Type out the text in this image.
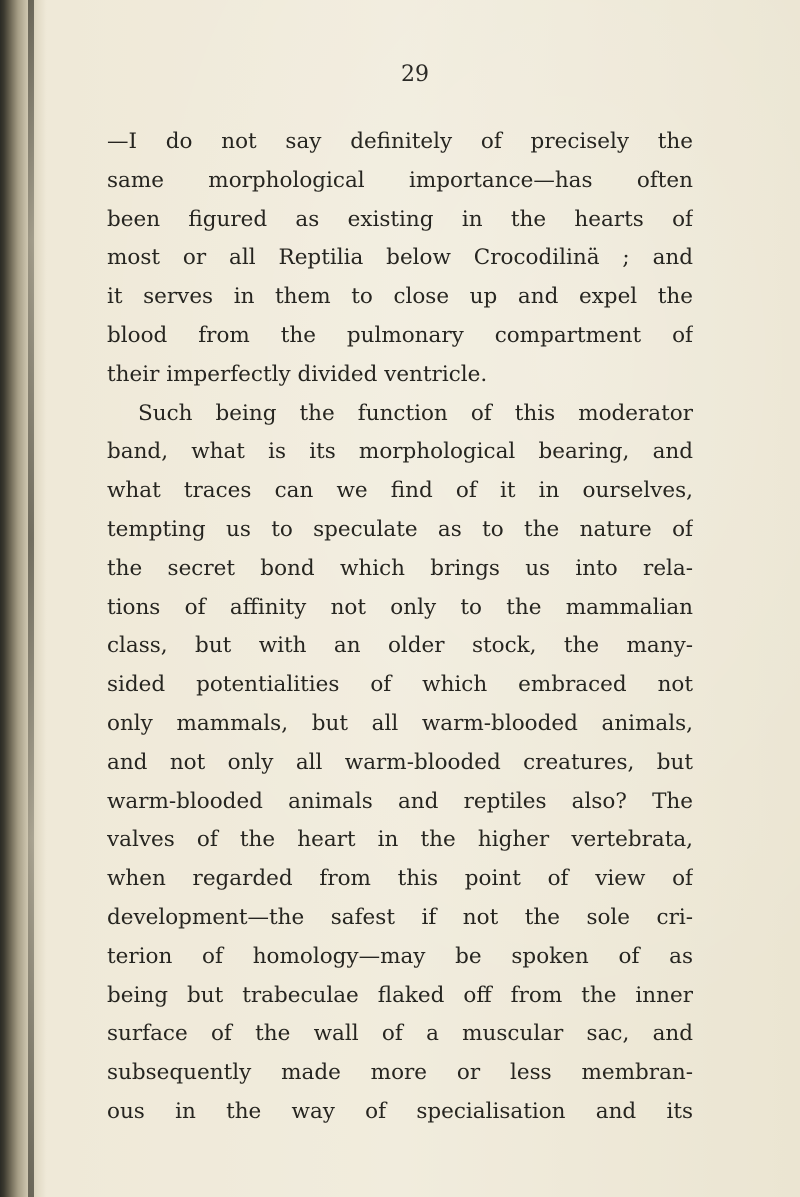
29
—I do not say definitely of precisely the
same morphological importance—has often
been figured as existing in the hearts of
most or all Reptilia below Crocodilinä ; and
it serves in them to close up and expel the
blood from the pulmonary compartment of
their imperfectly divided ventricle.
Such being the function of this moderator
band, what is its morphological bearing, and
what traces can we find of it in ourselves,
tempting us to speculate as to the nature of
the secret bond which brings us into rela-
tions of affinity not only to the mammalian
class, but with an older stock, the many-
sided potentialities of which embraced not
only mammals, but all warm-blooded animals,
and not only all warm-blooded creatures, but
warm-blooded animals and reptiles also? The
valves of the heart in the higher vertebrata,
when regarded from this point of view of
development—the safest if not the sole cri-
terion of homology—may be spoken of as
being but trabeculae flaked off from the inner
surface of the wall of a muscular sac, and
subsequently made more or less membran-
ous in the way of specialisation and its
